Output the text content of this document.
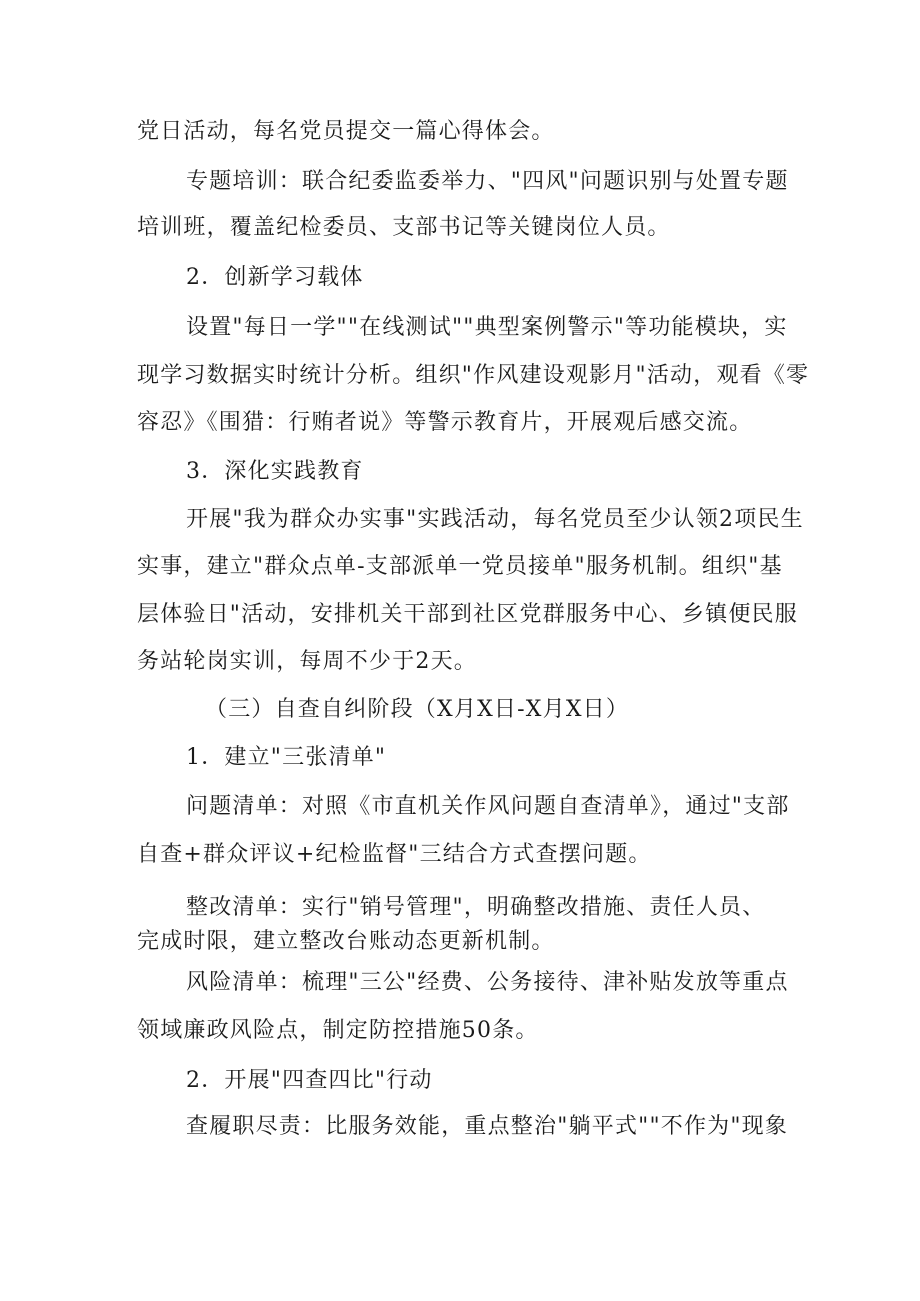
党日活动，每名党员提交一篇心得体会。

专题培训：联合纪委监委举力、"四风"问题识别与处置专题

培训班，覆盖纪检委员、支部书记等关键岗位人员。

2．创新学习载体

设置"每日一学""在线测试""典型案例警示"等功能模块，实

现学习数据实时统计分析。组织"作风建设观影月"活动，观看《零

容忍》《围猎：行贿者说》等警示教育片，开展观后感交流。

3．深化实践教育

开展"我为群众办实事"实践活动，每名党员至少认领2项民生

实事，建立"群众点单-支部派单一党员接单"服务机制。组织"基

层体验日"活动，安排机关干部到社区党群服务中心、乡镇便民服

务站轮岗实训，每周不少于2天。

（三）自查自纠阶段（X月X日-X月X日）

1．建立"三张清单"

问题清单：对照《市直机关作风问题自查清单》，通过"支部

自查+群众评议+纪检监督"三结合方式查摆问题。

整改清单：实行"销号管理"，明确整改措施、责任人员、

完成时限，建立整改台账动态更新机制。

风险清单：梳理"三公"经费、公务接待、津补贴发放等重点

领域廉政风险点，制定防控措施50条。

2．开展"四查四比"行动

查履职尽责：比服务效能，重点整治"躺平式""不作为"现象
